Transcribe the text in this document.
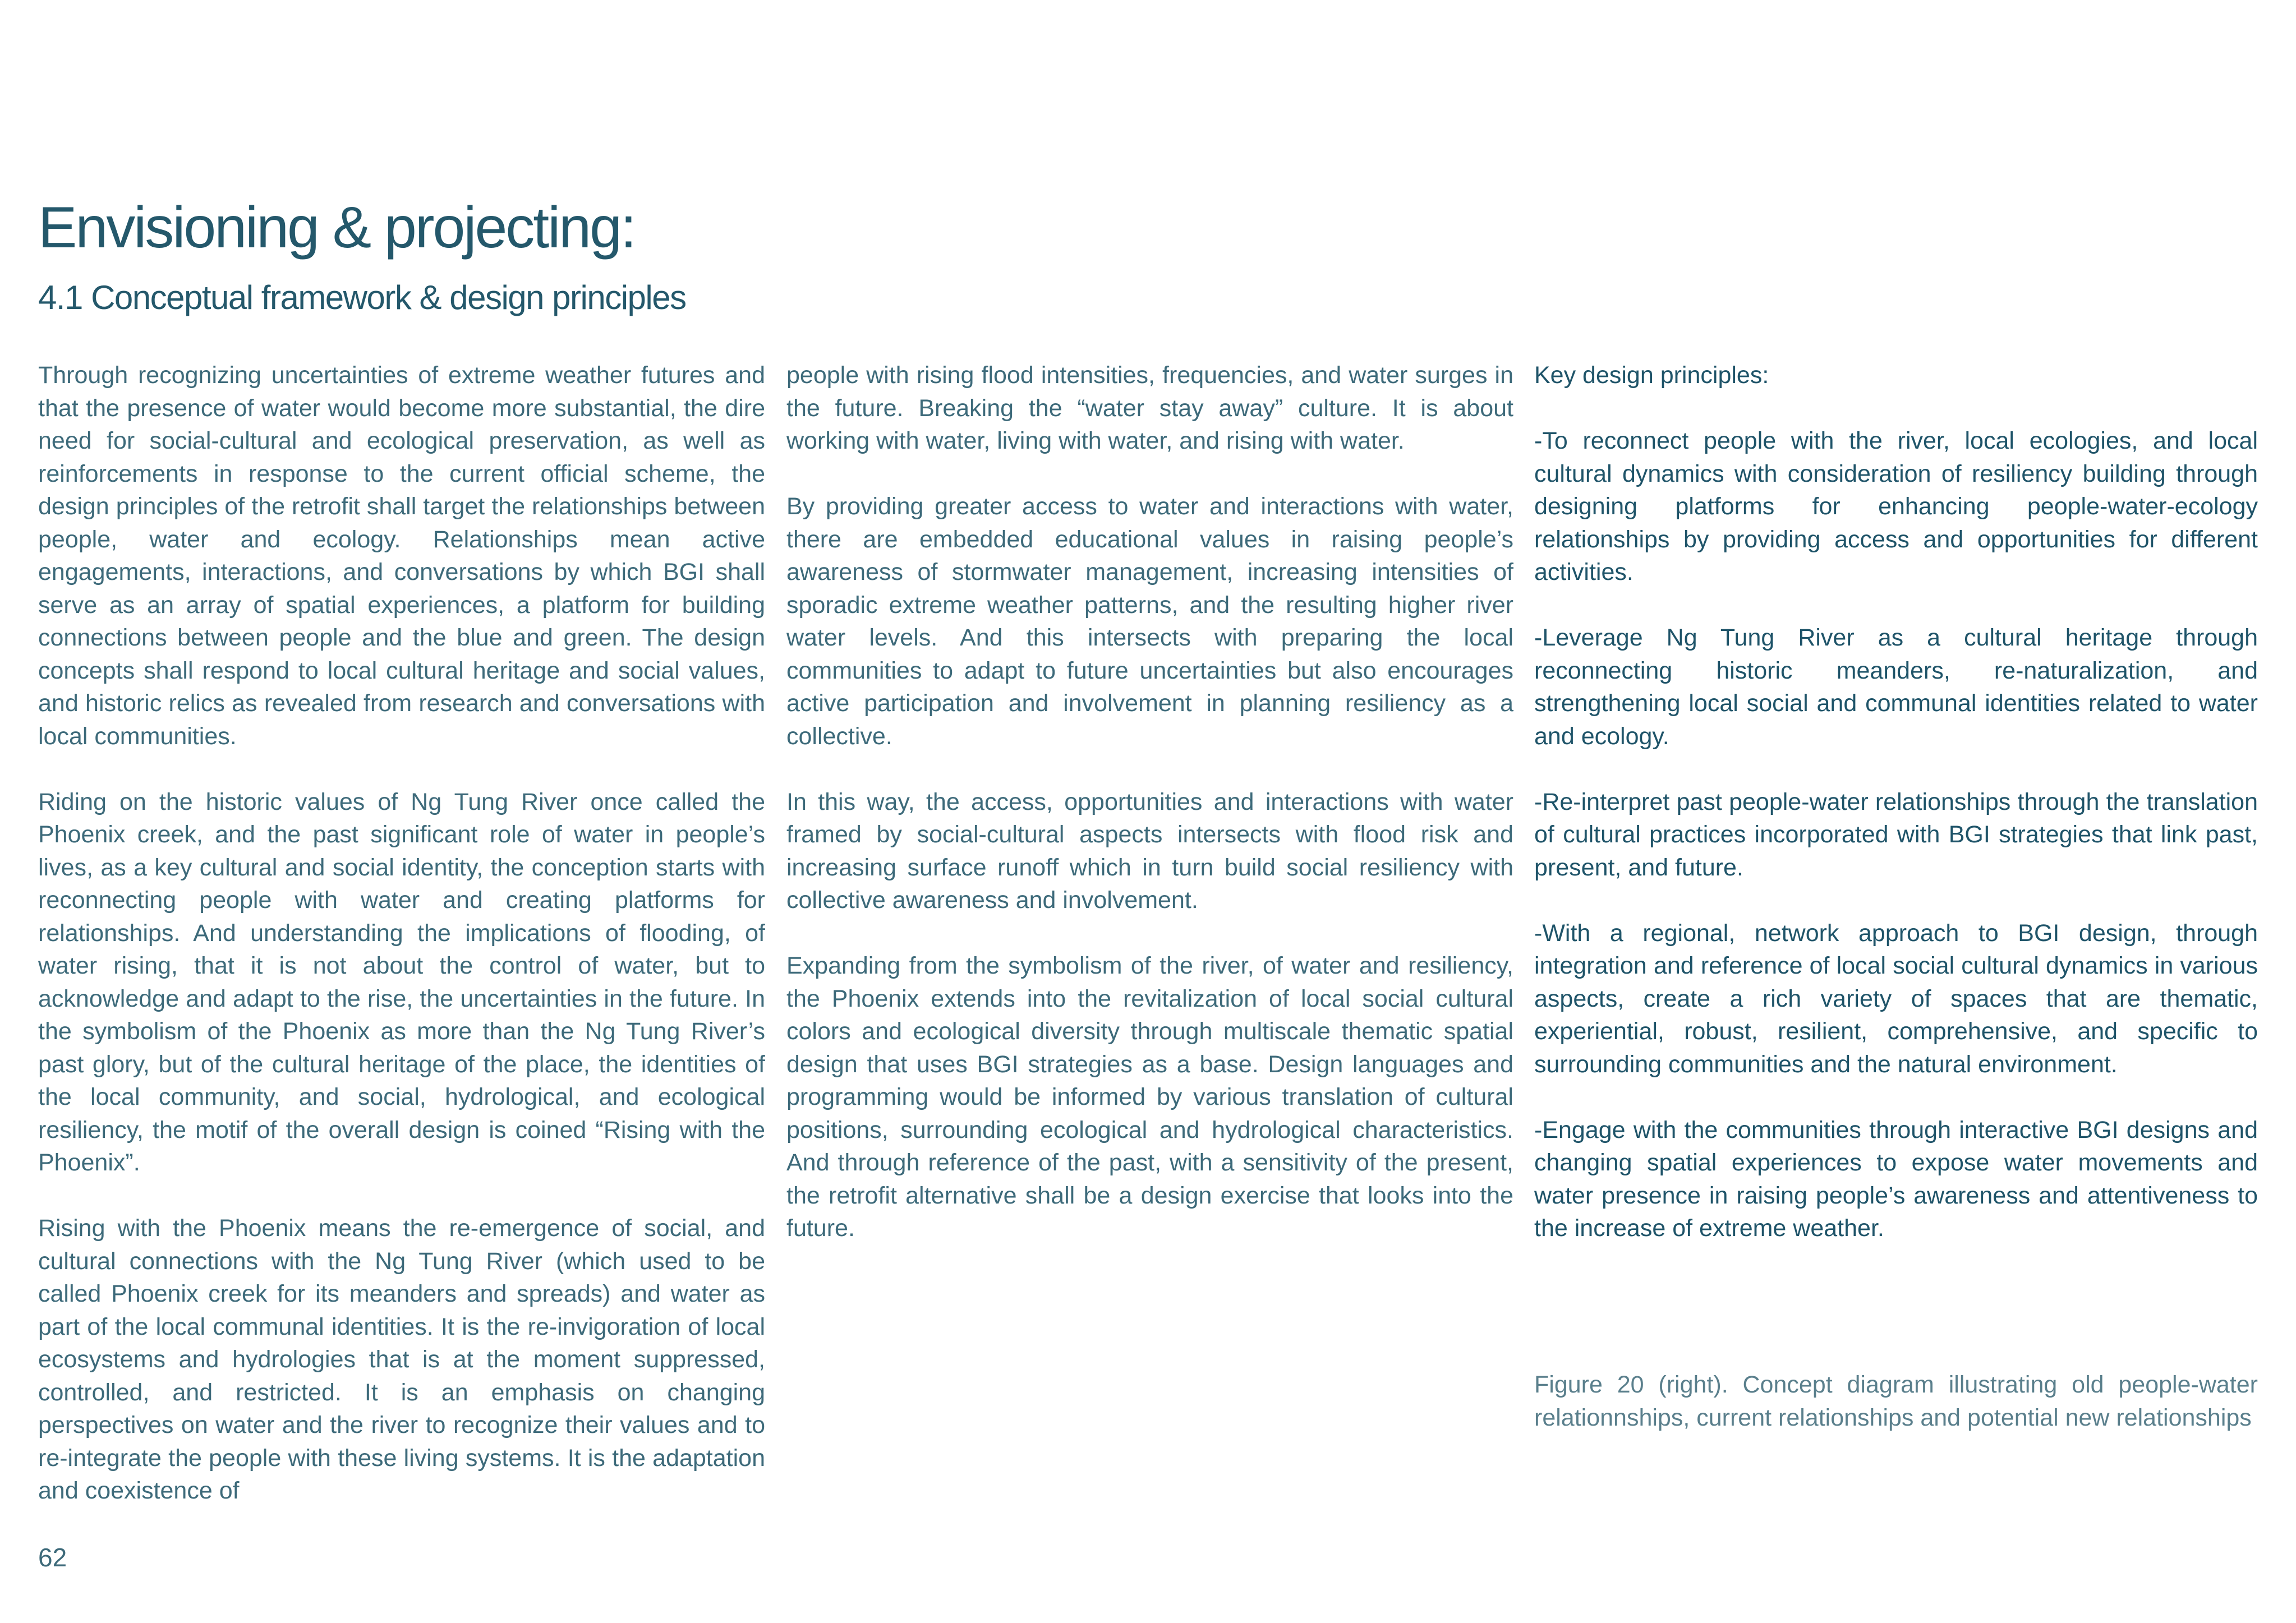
Envisioning & projecting:
4.1 Conceptual framework & design principles

Through recognizing uncertainties of extreme weather futures and that the presence of water would become more substantial, the dire need for social-cultural and ecological preservation, as well as reinforcements in response to the current official scheme, the design principles of the retrofit shall target the relationships between people, water and ecology. Relationships mean active engagements, interactions, and conversations by which BGI shall serve as an array of spatial experiences, a platform for building connections between people and the blue and green. The design concepts shall respond to local cultural heritage and social values, and historic relics as revealed from research and conversations with local communities.

Riding on the historic values of Ng Tung River once called the Phoenix creek, and the past significant role of water in people’s lives, as a key cultural and social identity, the conception starts with reconnecting people with water and creating platforms for relationships. And understanding the implications of flooding, of water rising, that it is not about the control of water, but to acknowledge and adapt to the rise, the uncertainties in the future. In the symbolism of the Phoenix as more than the Ng Tung River’s past glory, but of the cultural heritage of the place, the identities of the local community, and social, hydrological, and ecological resiliency, the motif of the overall design is coined “Rising with the Phoenix”.

Rising with the Phoenix means the re-emergence of social, and cultural connections with the Ng Tung River (which used to be called Phoenix creek for its meanders and spreads) and water as part of the local communal identities. It is the re-invigoration of local ecosystems and hydrologies that is at the moment suppressed, controlled, and restricted. It is an emphasis on changing perspectives on water and the river to recognize their values and to re-integrate the people with these living systems. It is the adaptation and coexistence of

people with rising flood intensities, frequencies, and water surges in the future. Breaking the “water stay away” culture. It is about working with water, living with water, and rising with water.

By providing greater access to water and interactions with water, there are embedded educational values in raising people’s awareness of stormwater management, increasing intensities of sporadic extreme weather patterns, and the resulting higher river water levels. And this intersects with preparing the local communities to adapt to future uncertainties but also encourages active participation and involvement in planning resiliency as a collective.

In this way, the access, opportunities and interactions with water framed by social-cultural aspects intersects with flood risk and increasing surface runoff which in turn build social resiliency with collective awareness and involvement.

Expanding from the symbolism of the river, of water and resiliency, the Phoenix extends into the revitalization of local social cultural colors and ecological diversity through multiscale thematic spatial design that uses BGI strategies as a base. Design languages and programming would be informed by various translation of cultural positions, surrounding ecological and hydrological characteristics. And through reference of the past, with a sensitivity of the present, the retrofit alternative shall be a design exercise that looks into the future.

Key design principles:

-To reconnect people with the river, local ecologies, and local cultural dynamics with consideration of resiliency building through designing platforms for enhancing people-water-ecology relationships by providing access and opportunities for different activities.

-Leverage Ng Tung River as a cultural heritage through reconnecting historic meanders, re-naturalization, and strengthening local social and communal identities related to water and ecology.

-Re-interpret past people-water relationships through the translation of cultural practices incorporated with BGI strategies that link past, present, and future.

-With a regional, network approach to BGI design, through integration and reference of local social cultural dynamics in various aspects, create a rich variety of spaces that are thematic, experiential, robust, resilient, comprehensive, and specific to surrounding communities and the natural environment.

-Engage with the communities through interactive BGI designs and changing spatial experiences to expose water movements and water presence in raising people’s awareness and attentiveness to the increase of extreme weather.

Figure 20 (right). Concept diagram illustrating old people-water relationnships, current relationships and potential new relationships

62
